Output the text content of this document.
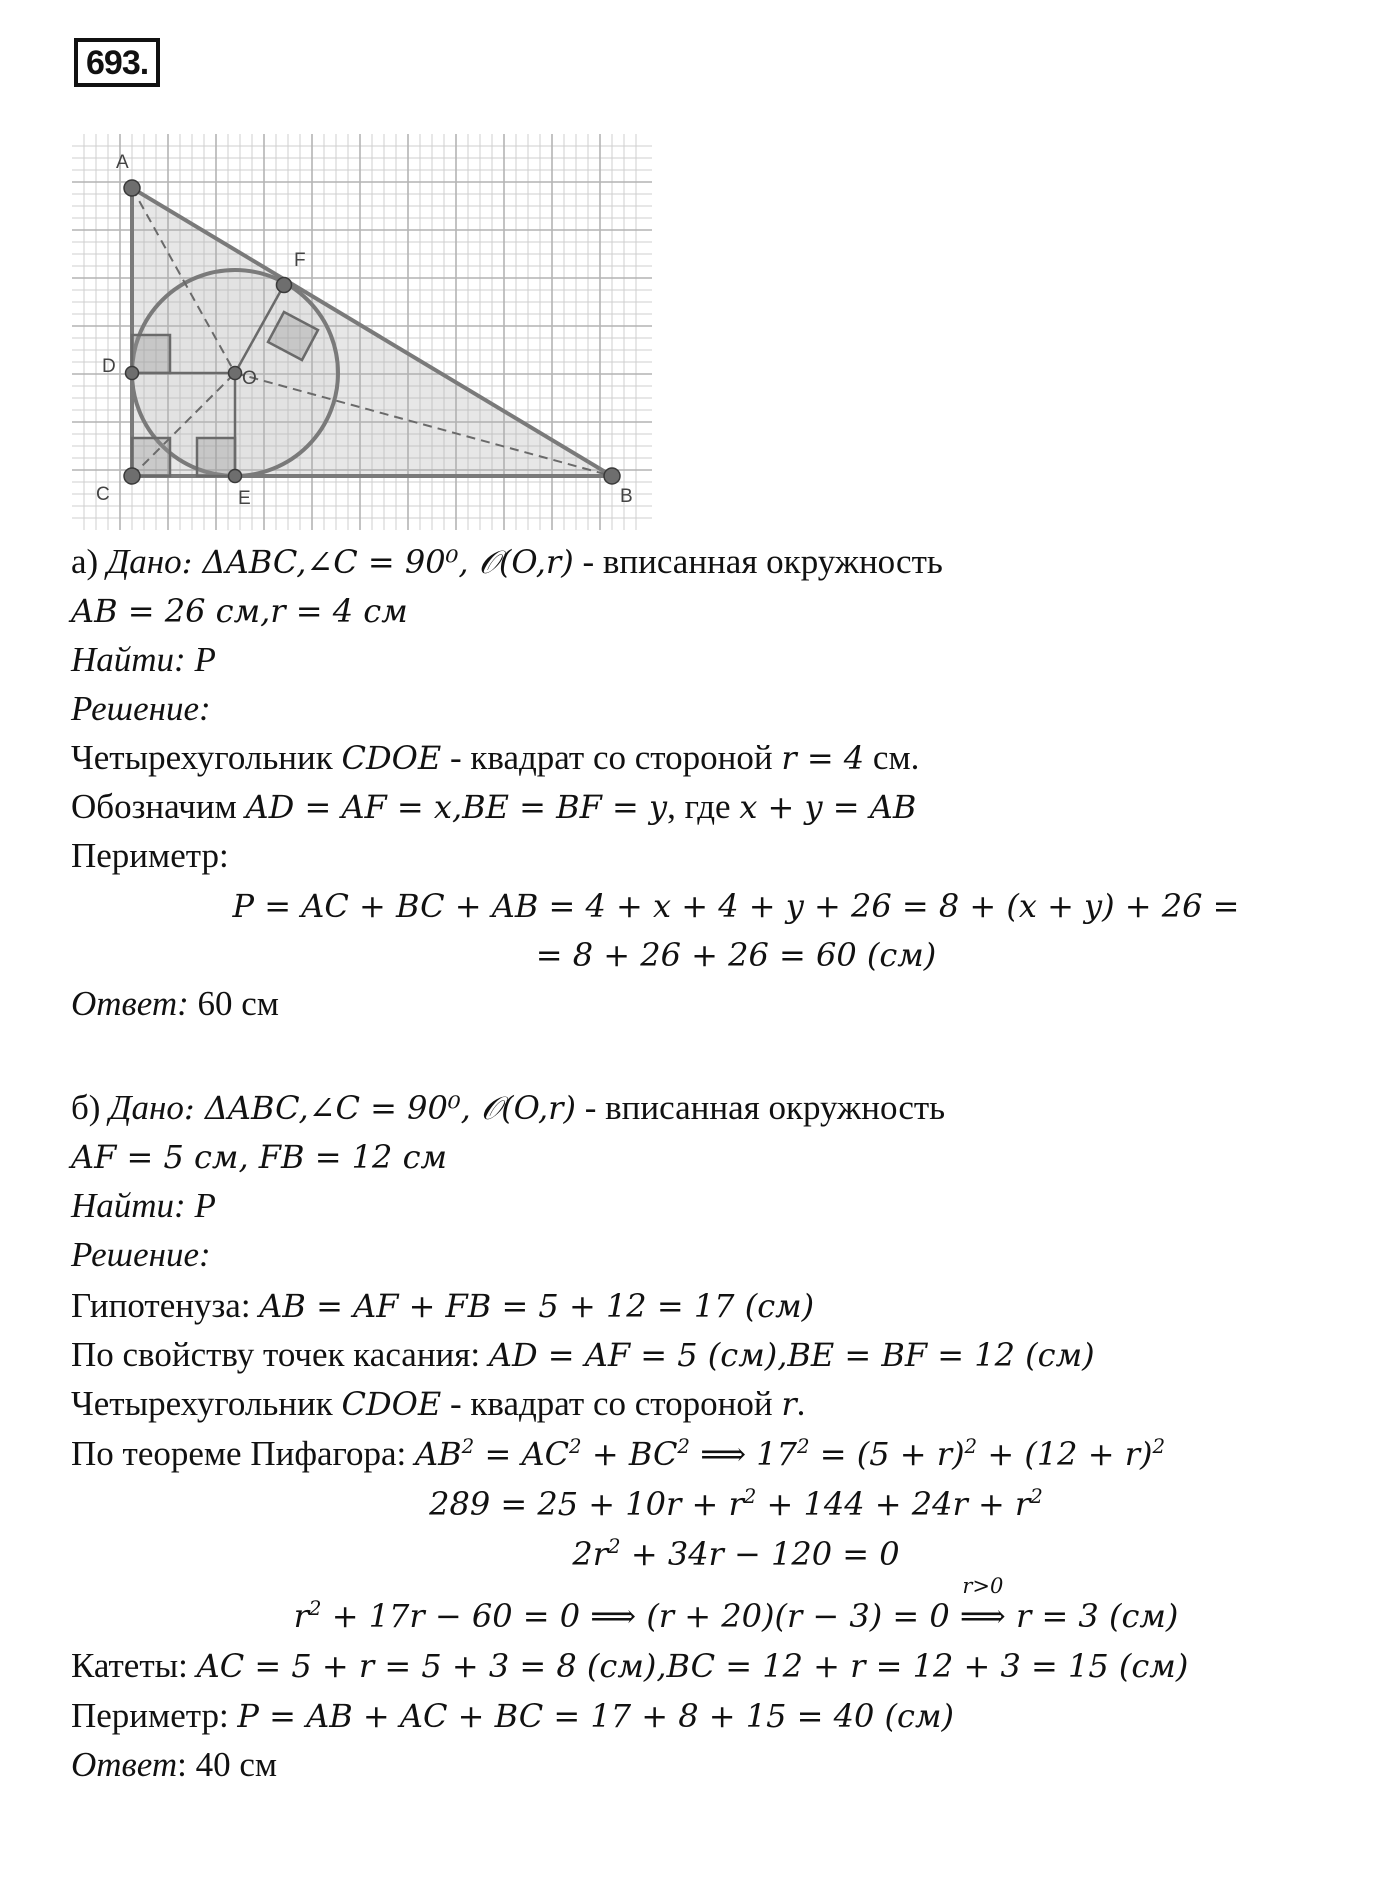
693.
A
B
C
D
E
O
F
а) Дано: ΔABC,∠C = 90⁰, 𝒪(O,r) - вписанная окружность
AB = 26 см,r = 4 см
Найти: P
Решение:
Четырехугольник CDOE - квадрат со стороной r = 4 см.
Обозначим AD = AF = x,BE = BF = y, где x + y = AB
Периметр:
P = AC + BC + AB = 4 + x + 4 + y + 26 = 8 + (x + y) + 26 =
= 8 + 26 + 26 = 60 (см)
Ответ: 60 см
б) Дано: ΔABC,∠C = 90⁰, 𝒪(O,r) - вписанная окружность
AF = 5 см, FB = 12 см
Найти: P
Решение:
Гипотенуза: AB = AF + FB = 5 + 12 = 17 (см)
По свойству точек касания: AD = AF = 5 (см),BE = BF = 12 (см)
Четырехугольник CDOE - квадрат со стороной r.
По теореме Пифагора: $AB^2 = AC^2 + BC^2$ ⟹ $17^2 = (5 + r)^2 + (12 + r)^2$
$289 = 25 + 10r + r^2 + 144 + 24r + r^2$
$2r^2 + 34r - 120 = 0$
$r^2 + 17r - 60 = 0$ ⟹ (r + 20)(r − 3) = 0
r>0
⟹ r = 3 (см)
Катеты: AC = 5 + r = 5 + 3 = 8 (см),BC = 12 + r = 12 + 3 = 15 (см)
Периметр: P = AB + AC + BC = 17 + 8 + 15 = 40 (см)
Ответ: 40 см
